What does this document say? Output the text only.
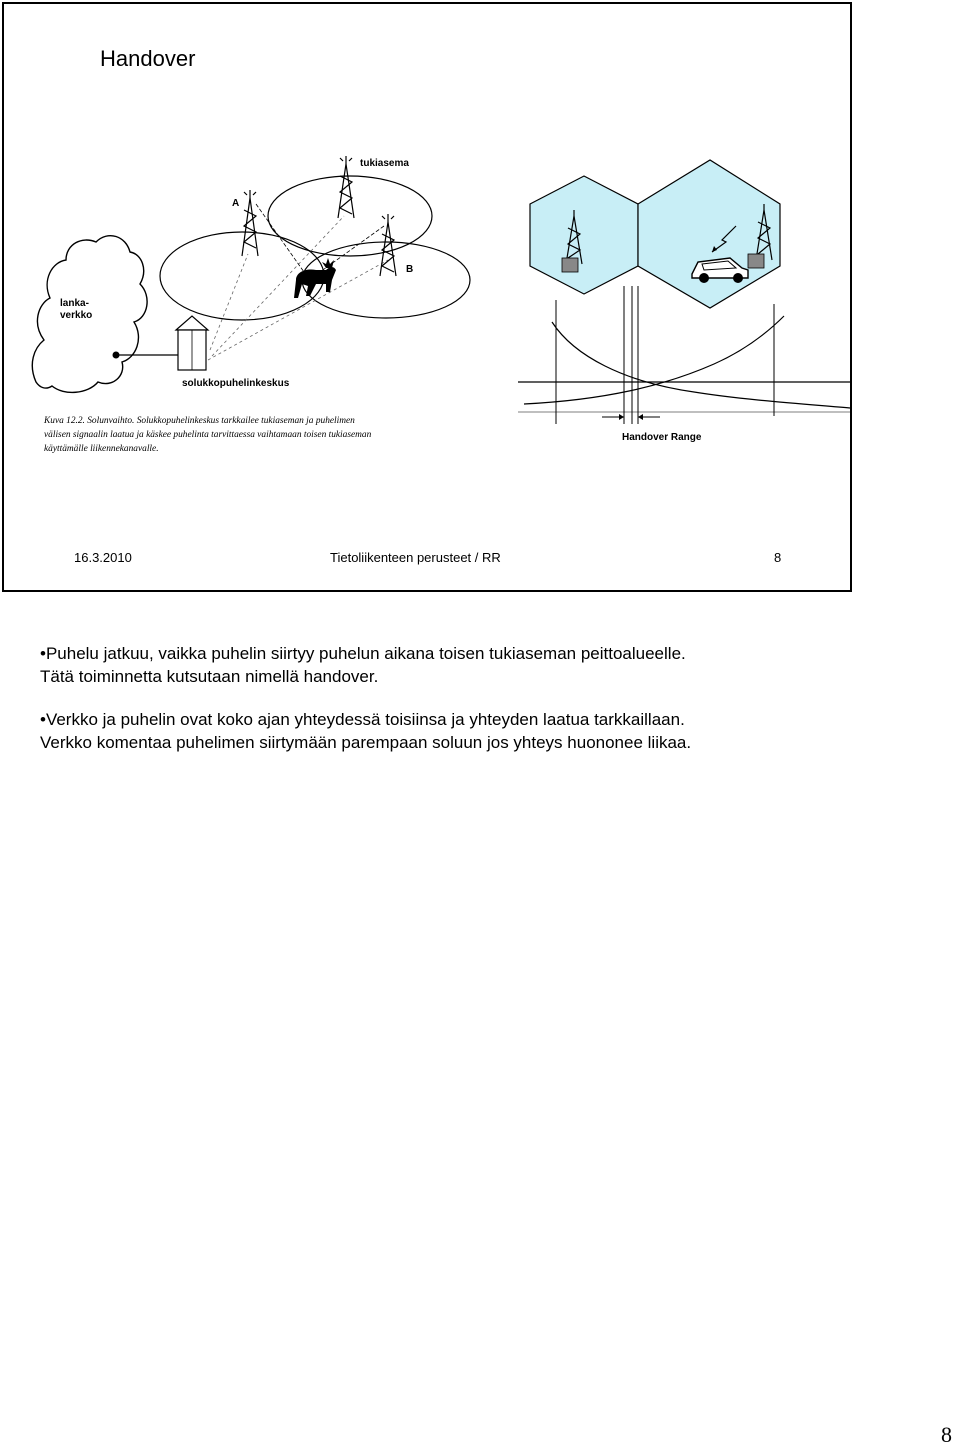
Handover
lanka-
verkko
solukkopuhelinkeskus
A
tukiasema
B
Handover Range
Kuva 12.2. Solunvaihto. Solukkopuhelinkeskus tarkkailee tukiaseman ja puhelimen
välisen signaalin laatua ja käskee puhelinta tarvittaessa vaihtamaan toisen tukiaseman
käyttämälle liikennekanavalle.
16.3.2010	Tietoliikenteen perusteet / RR	8

•Puhelu jatkuu, vaikka puhelin siirtyy puhelun aikana toisen tukiaseman peittoalueelle.
Tätä toiminnetta kutsutaan nimellä handover.

•Verkko ja puhelin ovat koko ajan yhteydessä toisiinsa ja yhteyden laatua tarkkaillaan.
Verkko komentaa puhelimen siirtymään parempaan soluun jos yhteys huononee liikaa.

8
